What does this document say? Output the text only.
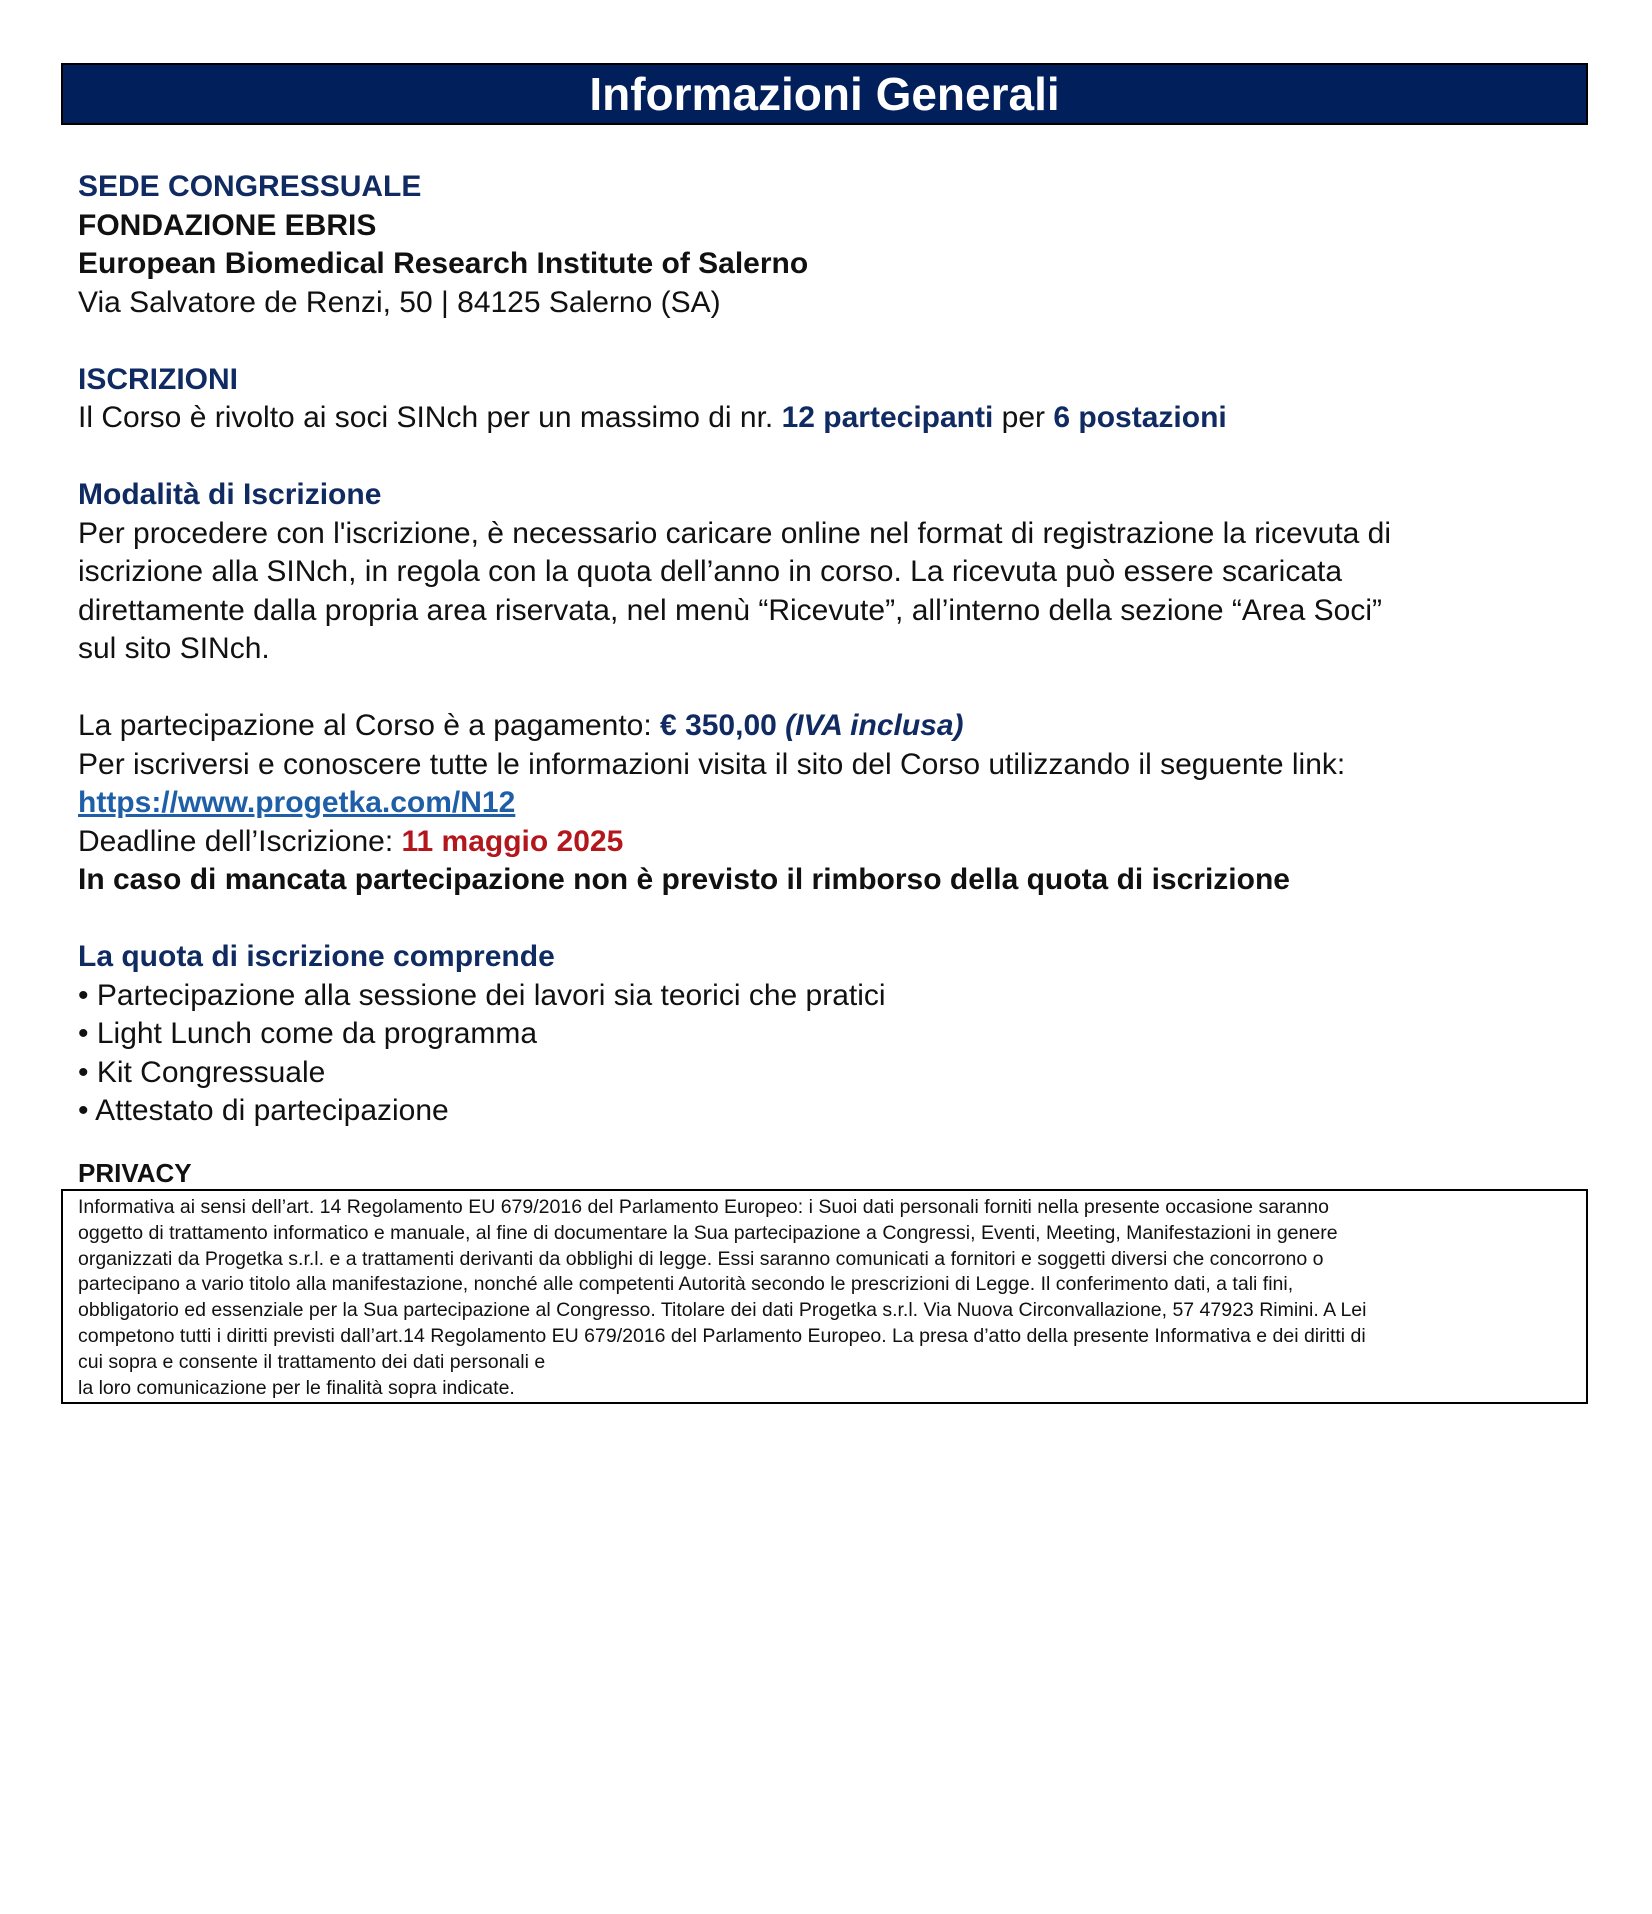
Informazioni Generali
SEDE CONGRESSUALE
FONDAZIONE EBRIS
European Biomedical Research Institute of Salerno
Via Salvatore de Renzi, 50 | 84125 Salerno (SA)
ISCRIZIONI
Il Corso è rivolto ai soci SINch per un massimo di nr. 12 partecipanti per 6 postazioni
Modalità di Iscrizione
Per procedere con l'iscrizione, è necessario caricare online nel format di registrazione la ricevuta di
iscrizione alla SINch, in regola con la quota dell’anno in corso. La ricevuta può essere scaricata
direttamente dalla propria area riservata, nel menù “Ricevute”, all’interno della sezione “Area Soci”
sul sito SINch.
La partecipazione al Corso è a pagamento: € 350,00 (IVA inclusa)
Per iscriversi e conoscere tutte le informazioni visita il sito del Corso utilizzando il seguente link:
https://www.progetka.com/N12
Deadline dell’Iscrizione: 11 maggio 2025
In caso di mancata partecipazione non è previsto il rimborso della quota di iscrizione
La quota di iscrizione comprende
• Partecipazione alla sessione dei lavori sia teorici che pratici
• Light Lunch come da programma
• Kit Congressuale
• Attestato di partecipazione
PRIVACY
Informativa ai sensi dell’art. 14 Regolamento EU 679/2016 del Parlamento Europeo: i Suoi dati personali forniti nella presente occasione saranno
oggetto di trattamento informatico e manuale, al fine di documentare la Sua partecipazione a Congressi, Eventi, Meeting, Manifestazioni in genere
organizzati da Progetka s.r.l. e a trattamenti derivanti da obblighi di legge. Essi saranno comunicati a fornitori e soggetti diversi che concorrono o
partecipano a vario titolo alla manifestazione, nonché alle competenti Autorità secondo le prescrizioni di Legge. Il conferimento dati, a tali fini,
obbligatorio ed essenziale per la Sua partecipazione al Congresso. Titolare dei dati Progetka s.r.l. Via Nuova Circonvallazione, 57 47923 Rimini. A Lei
competono tutti i diritti previsti dall’art.14 Regolamento EU 679/2016 del Parlamento Europeo. La presa d’atto della presente Informativa e dei diritti di
cui sopra e consente il trattamento dei dati personali e
la loro comunicazione per le finalità sopra indicate.
